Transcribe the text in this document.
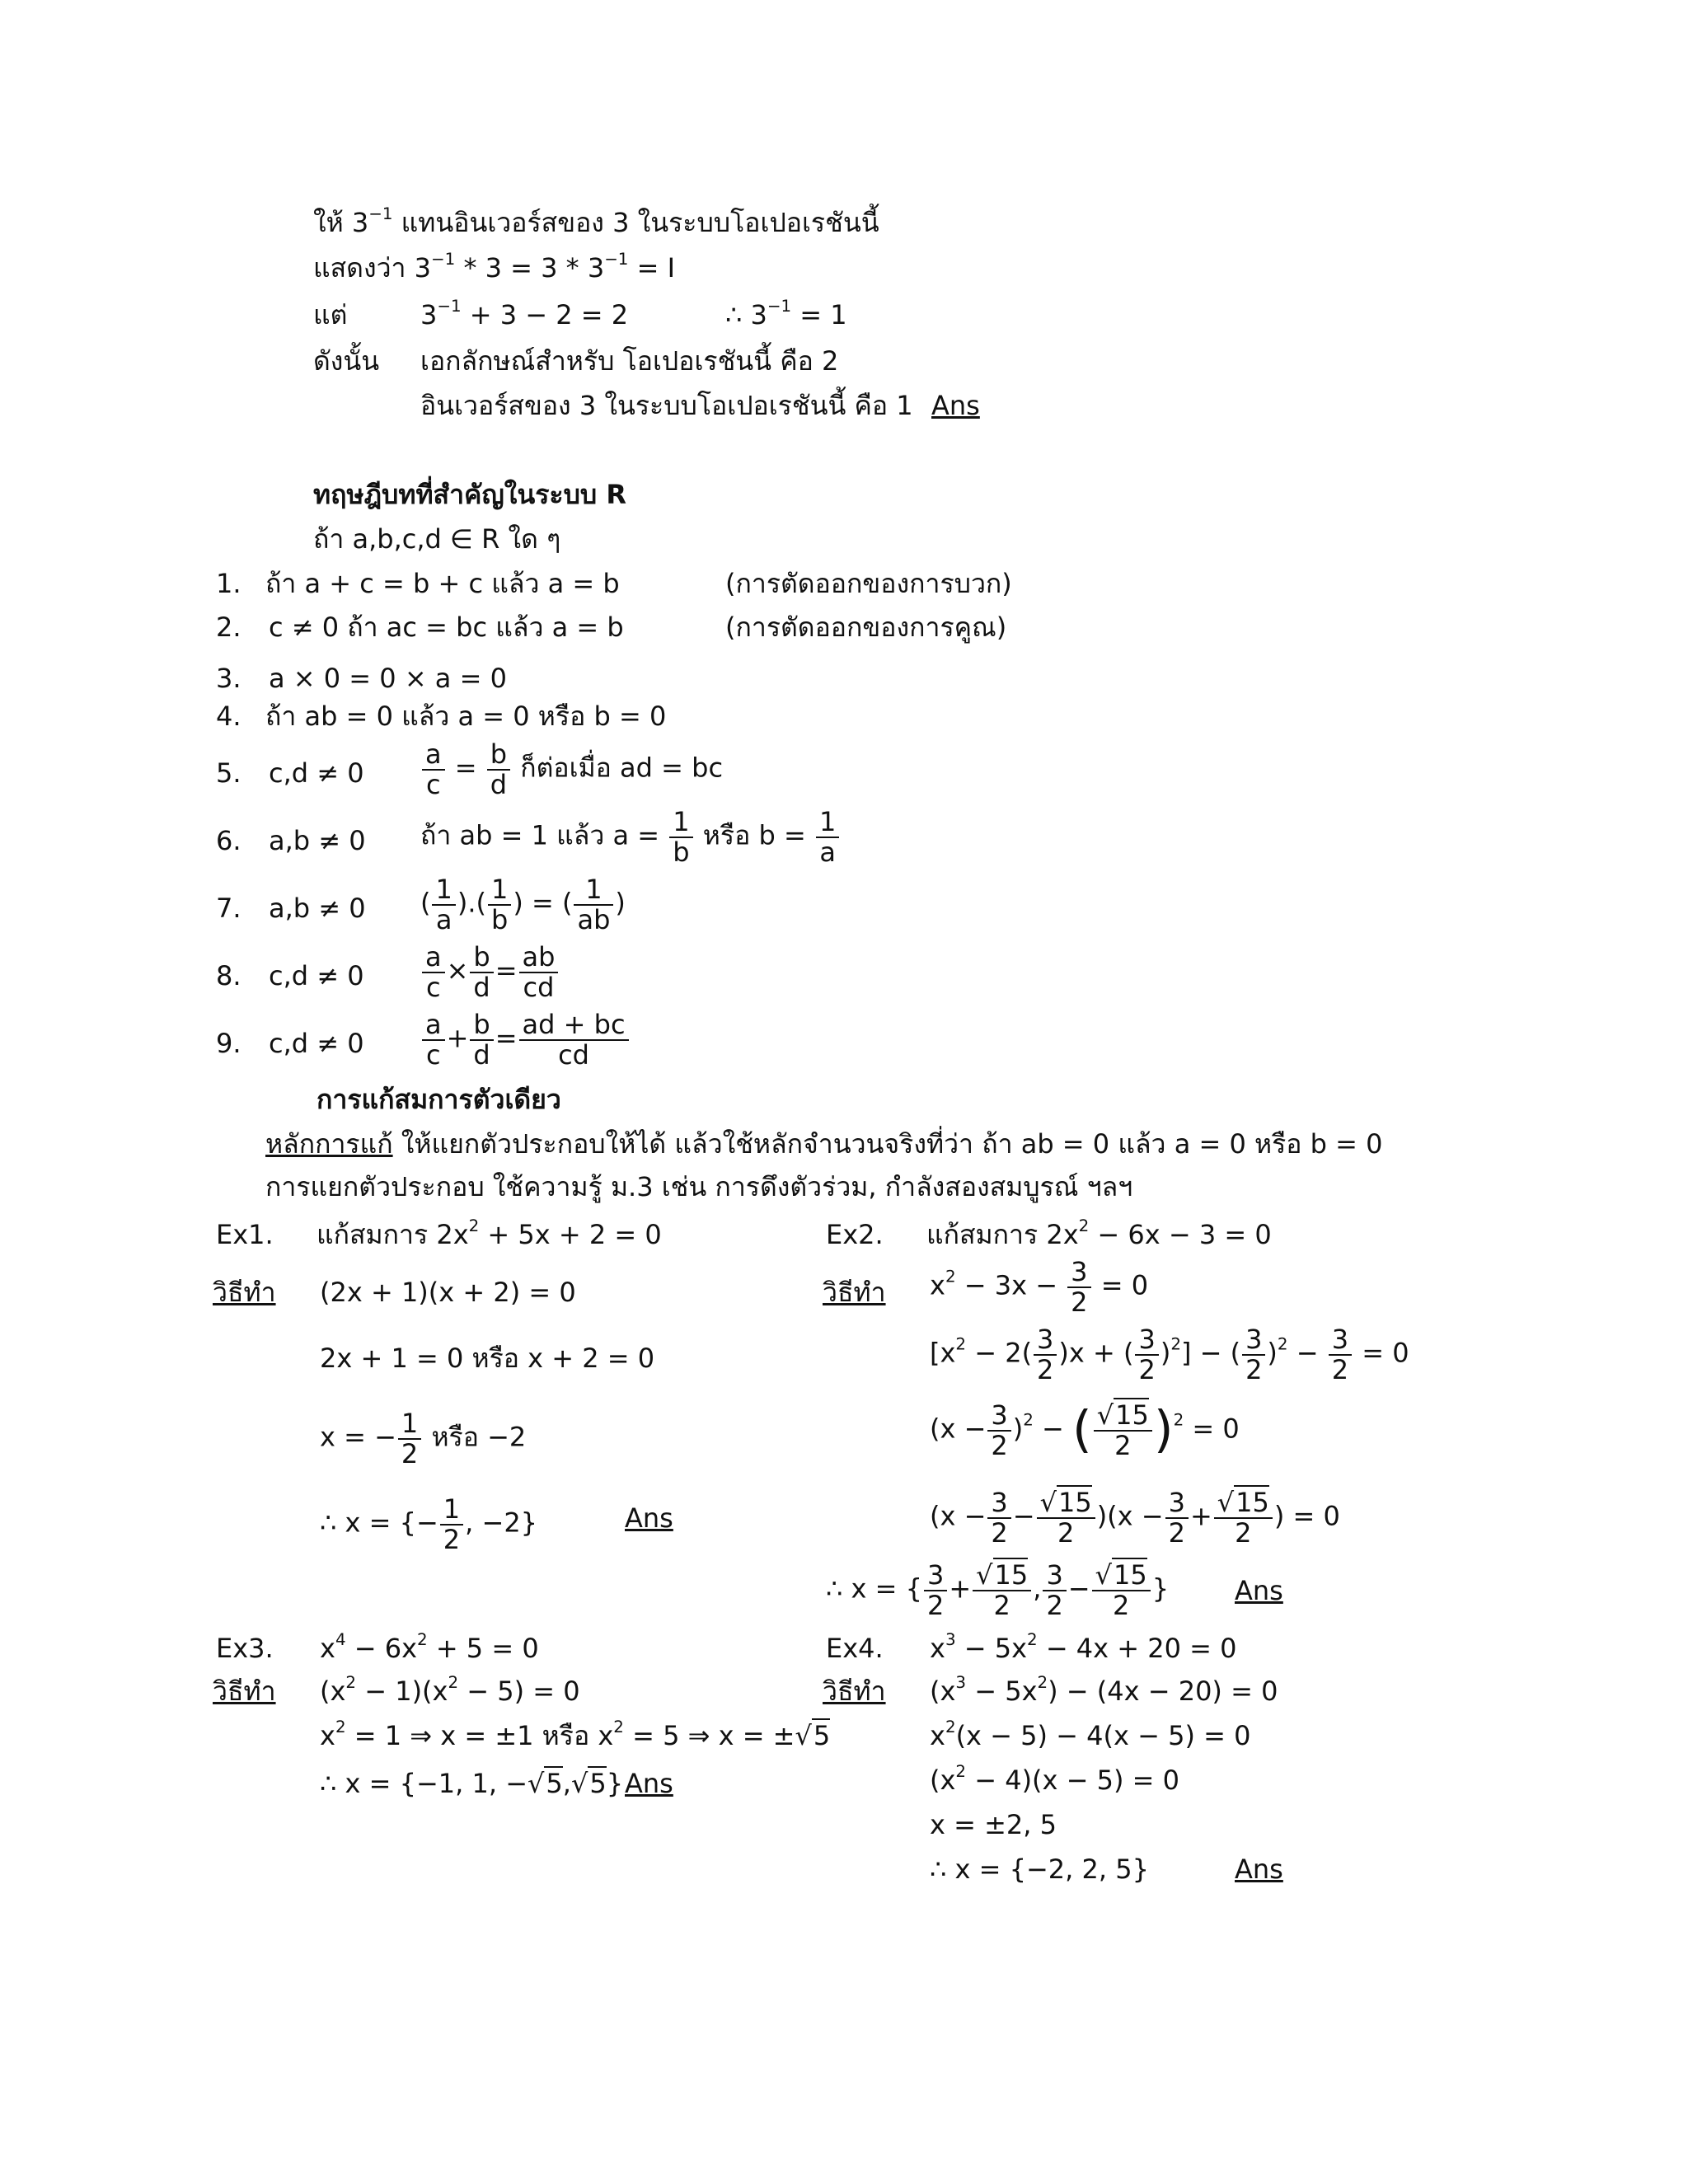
ให้ $3^{-1}$ แทนอินเวอร์สของ 3 ในระบบโอเปอเรชันนี้
แสดงว่า $3^{-1} * 3 = 3 * 3^{-1} = I$
แต่	$3^{-1} + 3 - 2 = 2$	∴ $3^{-1} = 1$
ดังนั้น เอกลักษณ์สำหรับ โอเปอเรชันนี้ คือ 2
อินเวอร์สของ 3 ในระบบโอเปอเรชันนี้ คือ 1 Ans
ทฤษฎีบทที่สำคัญในระบบ R
ถ้า a,b,c,d ∈ R ใด ๆ
1. ถ้า a + c = b + c แล้ว a = b	(การตัดออกของการบวก)
2. c ≠ 0 ถ้า ac = bc แล้ว a = b	(การตัดออกของการคูณ)
3. a × 0 = 0 × a = 0
4. ถ้า ab = 0 แล้ว a = 0 หรือ b = 0
5. $c,d \ne 0 \frac{a}{c} = \frac{b}{d}$ ก็ต่อเมื่อ ad = bc
6. a,b ≠ 0 ถ้า ab = 1 แล้ว $a = \frac{1}{b}$ หรือ $b = \frac{1}{a}$
7. a,b ≠ 0 ( $\frac{1}{a}$ ).( $\frac{1}{b}$ ) = ( $\frac{1}{ab}$ )
8. $c,d \ne 0 \frac{a}{c} \times \frac{b}{d} = \frac{ab}{cd}$
9. $c,d \ne 0 \frac{a}{c} + \frac{b}{d} = \frac{ad + bc}{cd}$
การแก้สมการตัวเดียว
หลักการแก้ ให้แยกตัวประกอบให้ได้ แล้วใช้หลักจำนวนจริงที่ว่า ถ้า ab = 0 แล้ว a = 0 หรือ b = 0
การแยกตัวประกอบ ใช้ความรู้ ม.3 เช่น การดึงตัวร่วม, กำลังสองสมบูรณ์ ฯลฯ
Ex1. แก้สมการ $2x^2 + 5x + 2 = 0$
วิธีทำ (2x + 1)(x + 2) = 0
2x + 1 = 0 หรือ x + 2 = 0
x = − $\frac{1}{2}$ หรือ −2
∴ x = {− $\frac{1}{2}$ , −2}	Ans
Ex2. แก้สมการ $2x^2 - 6x - 3 = 0$
วิธีทำ $x^2 - 3x - \frac{3}{2} = 0$
[$x^2 - 2( \frac{3}{2} )x$ + ( $\frac{3}{2} )^2$] − ( $\frac{3}{2} )^2 - \frac{3}{2} = 0$
$(x - \frac{3}{2} )^2$ − ( $\frac{√15}{2} )^2 = 0$
$(x - \frac{3}{2} - \frac{√15}{2} )(x - \frac{3}{2} + \frac{√15}{2}$ ) = 0
∴ x = { $\frac{3}{2} + \frac{√15}{2}$ , $\frac{3}{2} - \frac{√15}{2}$ } Ans
Ex3. $x^4 - 6x^2 + 5 = 0$
วิธีทำ $(x^2 - 1)(x^2 - 5) = 0$
$x^2 = 1$ ⇒ x = ±1 หรือ $x^2 = 5$ ⇒ x = ±√5
∴ x = {−1, 1, −√5,√5} Ans
Ex4. $x^3 - 5x^2 - 4x + 20 = 0$
วิธีทำ $(x^3 - 5x^2) - (4x - 20) = 0$
$x^2(x - 5) - 4(x - 5) = 0$
$(x^2 - 4)(x - 5) = 0$
x = ±2, 5
∴ x = {−2, 2, 5}	Ans
